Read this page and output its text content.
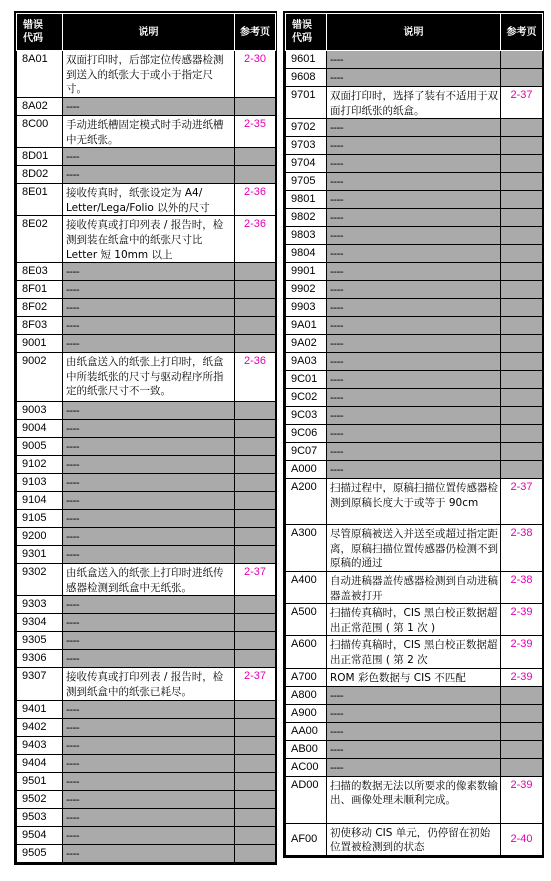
错误
代码	说明	参考页
8A01	双面打印时，后部定位传感器检测到送入的纸张大于或小于指定尺寸。	2-30
8A02	----	
8C00	手动进纸槽固定模式时手动进纸槽中无纸张。	2-35
8D01	----	
8D02	----	
8E01	接收传真时，纸张设定为 A4/ Letter/Lega/Folio 以外的尺寸	2-36
8E02	接收传真或打印列表 / 报告时，检测到装在纸盒中的纸张尺寸比 Letter 短 10mm 以上	2-36
8E03	----	
8F01	----	
8F02	----	
8F03	----	
9001	----	
9002	由纸盒送入的纸张上打印时，纸盒中所装纸张的尺寸与驱动程序所指定的纸张尺寸不一致。	2-36
9003	----	
9004	----	
9005	----	
9102	----	
9103	----	
9104	----	
9105	----	
9200	----	
9301	----	
9302	由纸盒送入的纸张上打印时进纸传感器检测到纸盒中无纸张。	2-37
9303	----	
9304	----	
9305	----	
9306	----	
9307	接收传真或打印列表 / 报告时，检测到纸盒中的纸张已耗尽。	2-37
9401	----	
9402	----	
9403	----	
9404	----	
9501	----	
9502	----	
9503	----	
9504	----	
9505	----	
错误
代码	说明	参考页
9601	----	
9608	----	
9701	双面打印时，选择了装有不适用于双面打印纸张的纸盒。	2-37
9702	----	
9703	----	
9704	----	
9705	----	
9801	----	
9802	----	
9803	----	
9804	----	
9901	----	
9902	----	
9903	----	
9A01	----	
9A02	----	
9A03	----	
9C01	----	
9C02	----	
9C03	----	
9C06	----	
9C07	----	
A000	----	
A200	扫描过程中，原稿扫描位置传感器检测到原稿长度大于或等于 90cm	2-37
A300	尽管原稿被送入并送至或超过指定距离，原稿扫描位置传感器仍检测不到原稿的通过	2-38
A400	自动进稿器盖传感器检测到自动进稿器盖被打开	2-38
A500	扫描传真稿时，CIS 黑白校正数据超出正常范围 ( 第 1 次 )	2-39
A600	扫描传真稿时，CIS 黑白校正数据超出正常范围 ( 第 2 次	2-39
A700	ROM 彩色数据与 CIS 不匹配	2-39
A800	----	
A900	----	
AA00	----	
AB00	----	
AC00	----	
AD00	扫描的数据无法以所要求的像素数输出、画像处理未顺利完成。	2-39
AF00	初使移动 CIS 单元，仍停留在初始位置被检测到的状态	2-40
